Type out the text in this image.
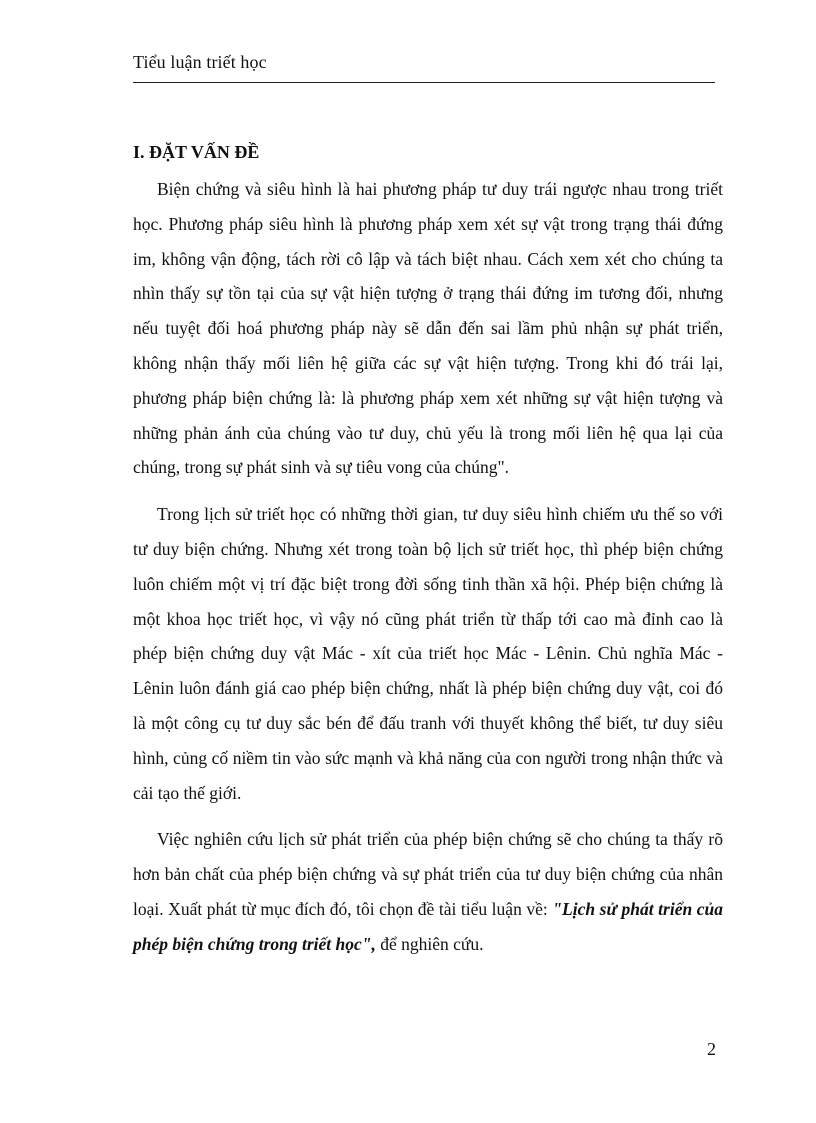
Tiểu luận triết học
I. ĐẶT VẤN ĐỀ

Biện chứng và siêu hình là hai phương pháp tư duy trái ngược nhau trong triết học. Phương pháp siêu hình là phương pháp xem xét sự vật trong trạng thái đứng im, không vận động, tách rời cô lập và tách biệt nhau. Cách xem xét cho chúng ta nhìn thấy sự tồn tại của sự vật hiện tượng ở trạng thái đứng im tương đối, nhưng nếu tuyệt đối hoá phương pháp này sẽ dẫn đến sai lầm phủ nhận sự phát triển, không nhận thấy mối liên hệ giữa các sự vật hiện tượng. Trong khi đó trái lại, phương pháp biện chứng là: là phương pháp xem xét những sự vật hiện tượng và những phản ánh của chúng vào tư duy, chủ yếu là trong mối liên hệ qua lại của chúng, trong sự phát sinh và sự tiêu vong của chúng".

Trong lịch sử triết học có những thời gian, tư duy siêu hình chiếm ưu thế so với tư duy biện chứng. Nhưng xét trong toàn bộ lịch sử triết học, thì phép biện chứng luôn chiếm một vị trí đặc biệt trong đời sống tinh thần xã hội. Phép biện chứng là một khoa học triết học, vì vậy nó cũng phát triển từ thấp tới cao mà đỉnh cao là phép biện chứng duy vật Mác - xít của triết học Mác - Lênin. Chủ nghĩa Mác - Lênin luôn đánh giá cao phép biện chứng, nhất là phép biện chứng duy vật, coi đó là một công cụ tư duy sắc bén để đấu tranh với thuyết không thể biết, tư duy siêu hình, củng cố niềm tin vào sức mạnh và khả năng của con người trong nhận thức và cải tạo thế giới.

Việc nghiên cứu lịch sử phát triển của phép biện chứng sẽ cho chúng ta thấy rõ hơn bản chất của phép biện chứng và sự phát triển của tư duy biện chứng của nhân loại. Xuất phát từ mục đích đó, tôi chọn đề tài tiểu luận về: "Lịch sử phát triển của phép biện chứng trong triết học", để nghiên cứu.

2
